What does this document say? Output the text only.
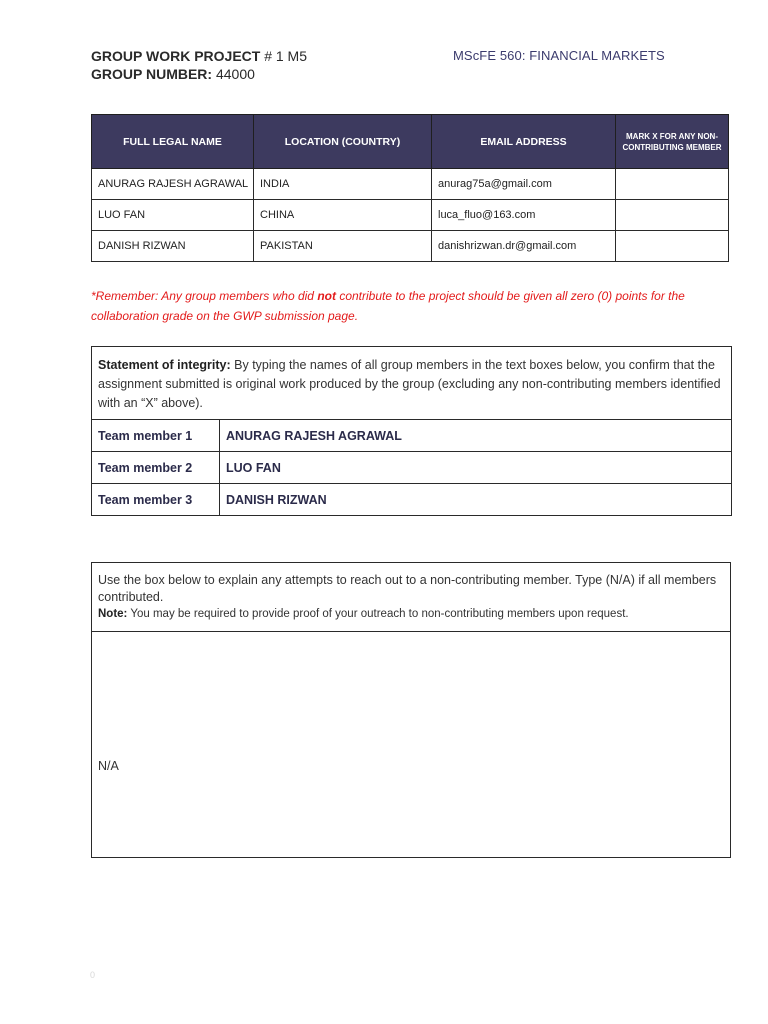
GROUP WORK PROJECT # 1 M5
GROUP NUMBER: 44000
MScFE 560: FINANCIAL MARKETS
FULL LEGAL NAME	LOCATION (COUNTRY)	EMAIL ADDRESS	MARK X FOR ANY NON-CONTRIBUTING MEMBER
ANURAG RAJESH AGRAWAL	INDIA	anurag75a@gmail.com	
LUO FAN	CHINA	luca_fluo@163.com	
DANISH RIZWAN	PAKISTAN	danishrizwan.dr@gmail.com	
*Remember: Any group members who did not contribute to the project should be given all zero (0) points for the collaboration grade on the GWP submission page.
Statement of integrity: By typing the names of all group members in the text boxes below, you confirm that the assignment submitted is original work produced by the group (excluding any non-contributing members identified with an “X” above).	
Team member 1	ANURAG RAJESH AGRAWAL
Team member 2	LUO FAN
Team member 3	DANISH RIZWAN
Use the box below to explain any attempts to reach out to a non-contributing member. Type (N/A) if all members contributed.
Note: You may be required to provide proof of your outreach to non-contributing members upon request.

N/A
0
